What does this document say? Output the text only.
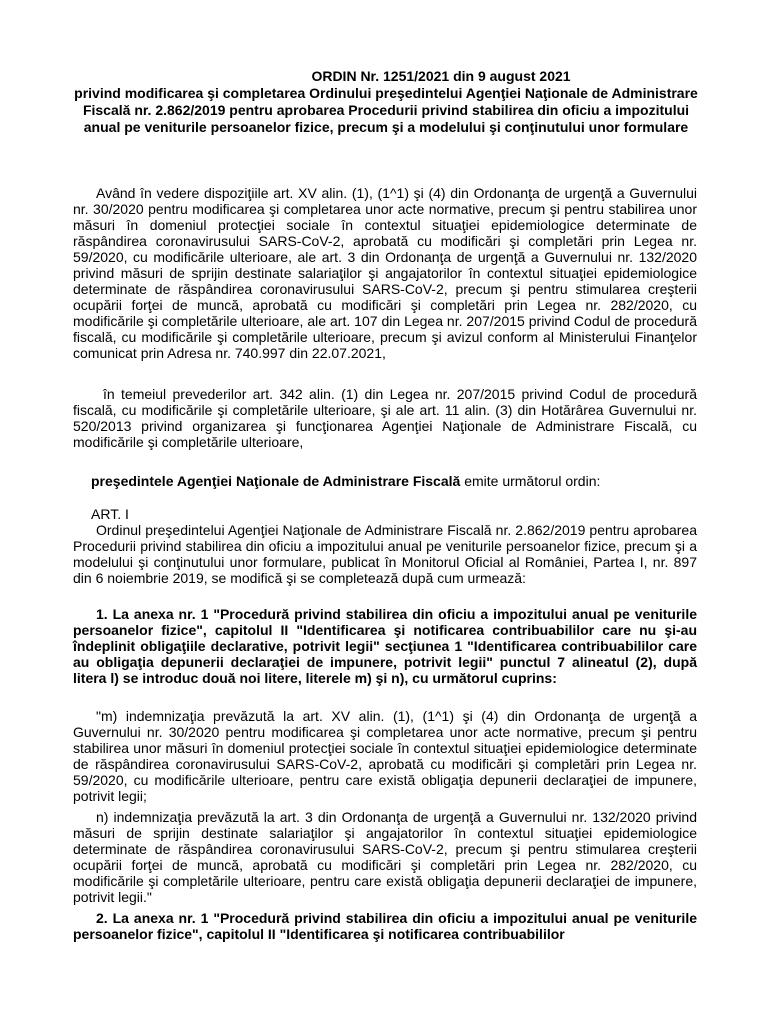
ORDIN Nr. 1251/2021 din 9 august 2021
privind modificarea şi completarea Ordinului preşedintelui Agenţiei Naţionale de Administrare Fiscală nr. 2.862/2019 pentru aprobarea Procedurii privind stabilirea din oficiu a impozitului anual pe veniturile persoanelor fizice, precum şi a modelului şi conţinutului unor formulare
Având în vedere dispoziţiile art. XV alin. (1), (1^1) şi (4) din Ordonanţa de urgenţă a Guvernului nr. 30/2020 pentru modificarea şi completarea unor acte normative, precum şi pentru stabilirea unor măsuri în domeniul protecţiei sociale în contextul situaţiei epidemiologice determinate de răspândirea coronavirusului SARS-CoV-2, aprobată cu modificări şi completări prin Legea nr. 59/2020, cu modificările ulterioare, ale art. 3 din Ordonanţa de urgenţă a Guvernului nr. 132/2020 privind măsuri de sprijin destinate salariaţilor şi angajatorilor în contextul situaţiei epidemiologice determinate de răspândirea coronavirusului SARS-CoV-2, precum şi pentru stimularea creşterii ocupării forţei de muncă, aprobată cu modificări şi completări prin Legea nr. 282/2020, cu modificările şi completările ulterioare, ale art. 107 din Legea nr. 207/2015 privind Codul de procedură fiscală, cu modificările şi completările ulterioare, precum şi avizul conform al Ministerului Finanţelor comunicat prin Adresa nr. 740.997 din 22.07.2021,
în temeiul prevederilor art. 342 alin. (1) din Legea nr. 207/2015 privind Codul de procedură fiscală, cu modificările şi completările ulterioare, şi ale art. 11 alin. (3) din Hotărârea Guvernului nr. 520/2013 privind organizarea şi funcţionarea Agenţiei Naţionale de Administrare Fiscală, cu modificările şi completările ulterioare,
preşedintele Agenţiei Naţionale de Administrare Fiscală emite următorul ordin:
ART. I
Ordinul preşedintelui Agenţiei Naţionale de Administrare Fiscală nr. 2.862/2019 pentru aprobarea Procedurii privind stabilirea din oficiu a impozitului anual pe veniturile persoanelor fizice, precum şi a modelului şi conţinutului unor formulare, publicat în Monitorul Oficial al României, Partea I, nr. 897 din 6 noiembrie 2019, se modifică şi se completează după cum urmează:
1. La anexa nr. 1 "Procedură privind stabilirea din oficiu a impozitului anual pe veniturile persoanelor fizice", capitolul II "Identificarea şi notificarea contribuabililor care nu şi-au îndeplinit obligaţiile declarative, potrivit legii" secţiunea 1 "Identificarea contribuabililor care au obligaţia depunerii declaraţiei de impunere, potrivit legii" punctul 7 alineatul (2), după litera l) se introduc două noi litere, literele m) şi n), cu următorul cuprins:
"m) indemnizaţia prevăzută la art. XV alin. (1), (1^1) şi (4) din Ordonanţa de urgenţă a Guvernului nr. 30/2020 pentru modificarea şi completarea unor acte normative, precum şi pentru stabilirea unor măsuri în domeniul protecţiei sociale în contextul situaţiei epidemiologice determinate de răspândirea coronavirusului SARS-CoV-2, aprobată cu modificări şi completări prin Legea nr. 59/2020, cu modificările ulterioare, pentru care există obligaţia depunerii declaraţiei de impunere, potrivit legii;
n) indemnizaţia prevăzută la art. 3 din Ordonanţa de urgenţă a Guvernului nr. 132/2020 privind măsuri de sprijin destinate salariaţilor şi angajatorilor în contextul situaţiei epidemiologice determinate de răspândirea coronavirusului SARS-CoV-2, precum şi pentru stimularea creşterii ocupării forţei de muncă, aprobată cu modificări şi completări prin Legea nr. 282/2020, cu modificările şi completările ulterioare, pentru care există obligaţia depunerii declaraţiei de impunere, potrivit legii."
2. La anexa nr. 1 "Procedură privind stabilirea din oficiu a impozitului anual pe veniturile persoanelor fizice", capitolul II "Identificarea şi notificarea contribuabililor
